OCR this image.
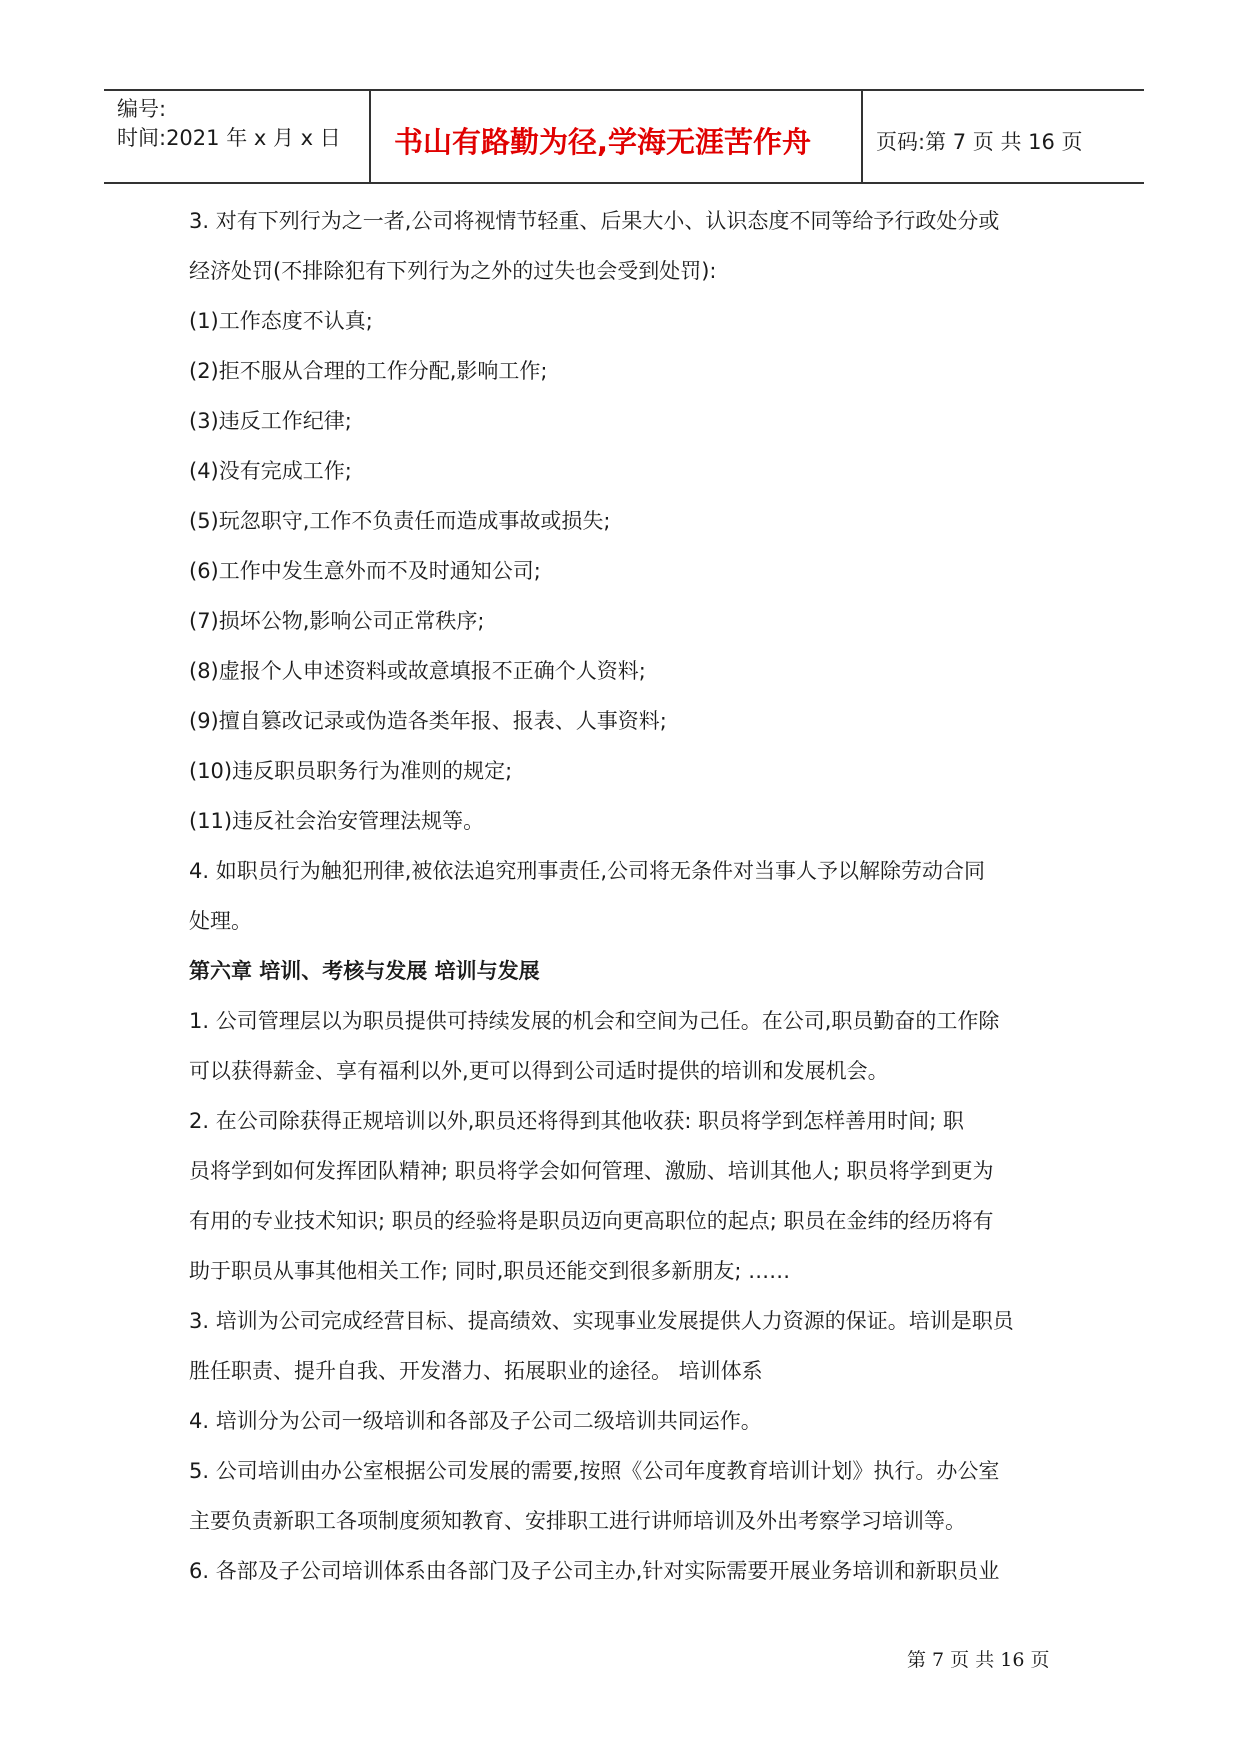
编号:
时间:2021 年 x 月 x 日 书山有路勤为径,学海无涯苦作舟	页码:第 7 页 共 16 页
3. 对有下列行为之一者,公司将视情节轻重、后果大小、认识态度不同等给予行政处分或
经济处罚(不排除犯有下列行为之外的过失也会受到处罚):
(1)工作态度不认真;
(2)拒不服从合理的工作分配,影响工作;
(3)违反工作纪律;
(4)没有完成工作;
(5)玩忽职守,工作不负责任而造成事故或损失;
(6)工作中发生意外而不及时通知公司;
(7)损坏公物,影响公司正常秩序;
(8)虚报个人申述资料或故意填报不正确个人资料;
(9)擅自篡改记录或伪造各类年报、报表、人事资料;
(10)违反职员职务行为准则的规定;
(11)违反社会治安管理法规等。
4. 如职员行为触犯刑律,被依法追究刑事责任,公司将无条件对当事人予以解除劳动合同
处理。
第六章 培训、考核与发展 培训与发展
1. 公司管理层以为职员提供可持续发展的机会和空间为己任。在公司,职员勤奋的工作除
可以获得薪金、享有福利以外,更可以得到公司适时提供的培训和发展机会。
2. 在公司除获得正规培训以外,职员还将得到其他收获: 职员将学到怎样善用时间; 职
员将学到如何发挥团队精神; 职员将学会如何管理、激励、培训其他人; 职员将学到更为
有用的专业技术知识; 职员的经验将是职员迈向更高职位的起点; 职员在金纬的经历将有
助于职员从事其他相关工作; 同时,职员还能交到很多新朋友; ……
3. 培训为公司完成经营目标、提高绩效、实现事业发展提供人力资源的保证。培训是职员
胜任职责、提升自我、开发潜力、拓展职业的途径。 培训体系
4. 培训分为公司一级培训和各部及子公司二级培训共同运作。
5. 公司培训由办公室根据公司发展的需要,按照《公司年度教育培训计划》执行。办公室
主要负责新职工各项制度须知教育、安排职工进行讲师培训及外出考察学习培训等。
6. 各部及子公司培训体系由各部门及子公司主办,针对实际需要开展业务培训和新职员业
第 7 页 共 16 页
